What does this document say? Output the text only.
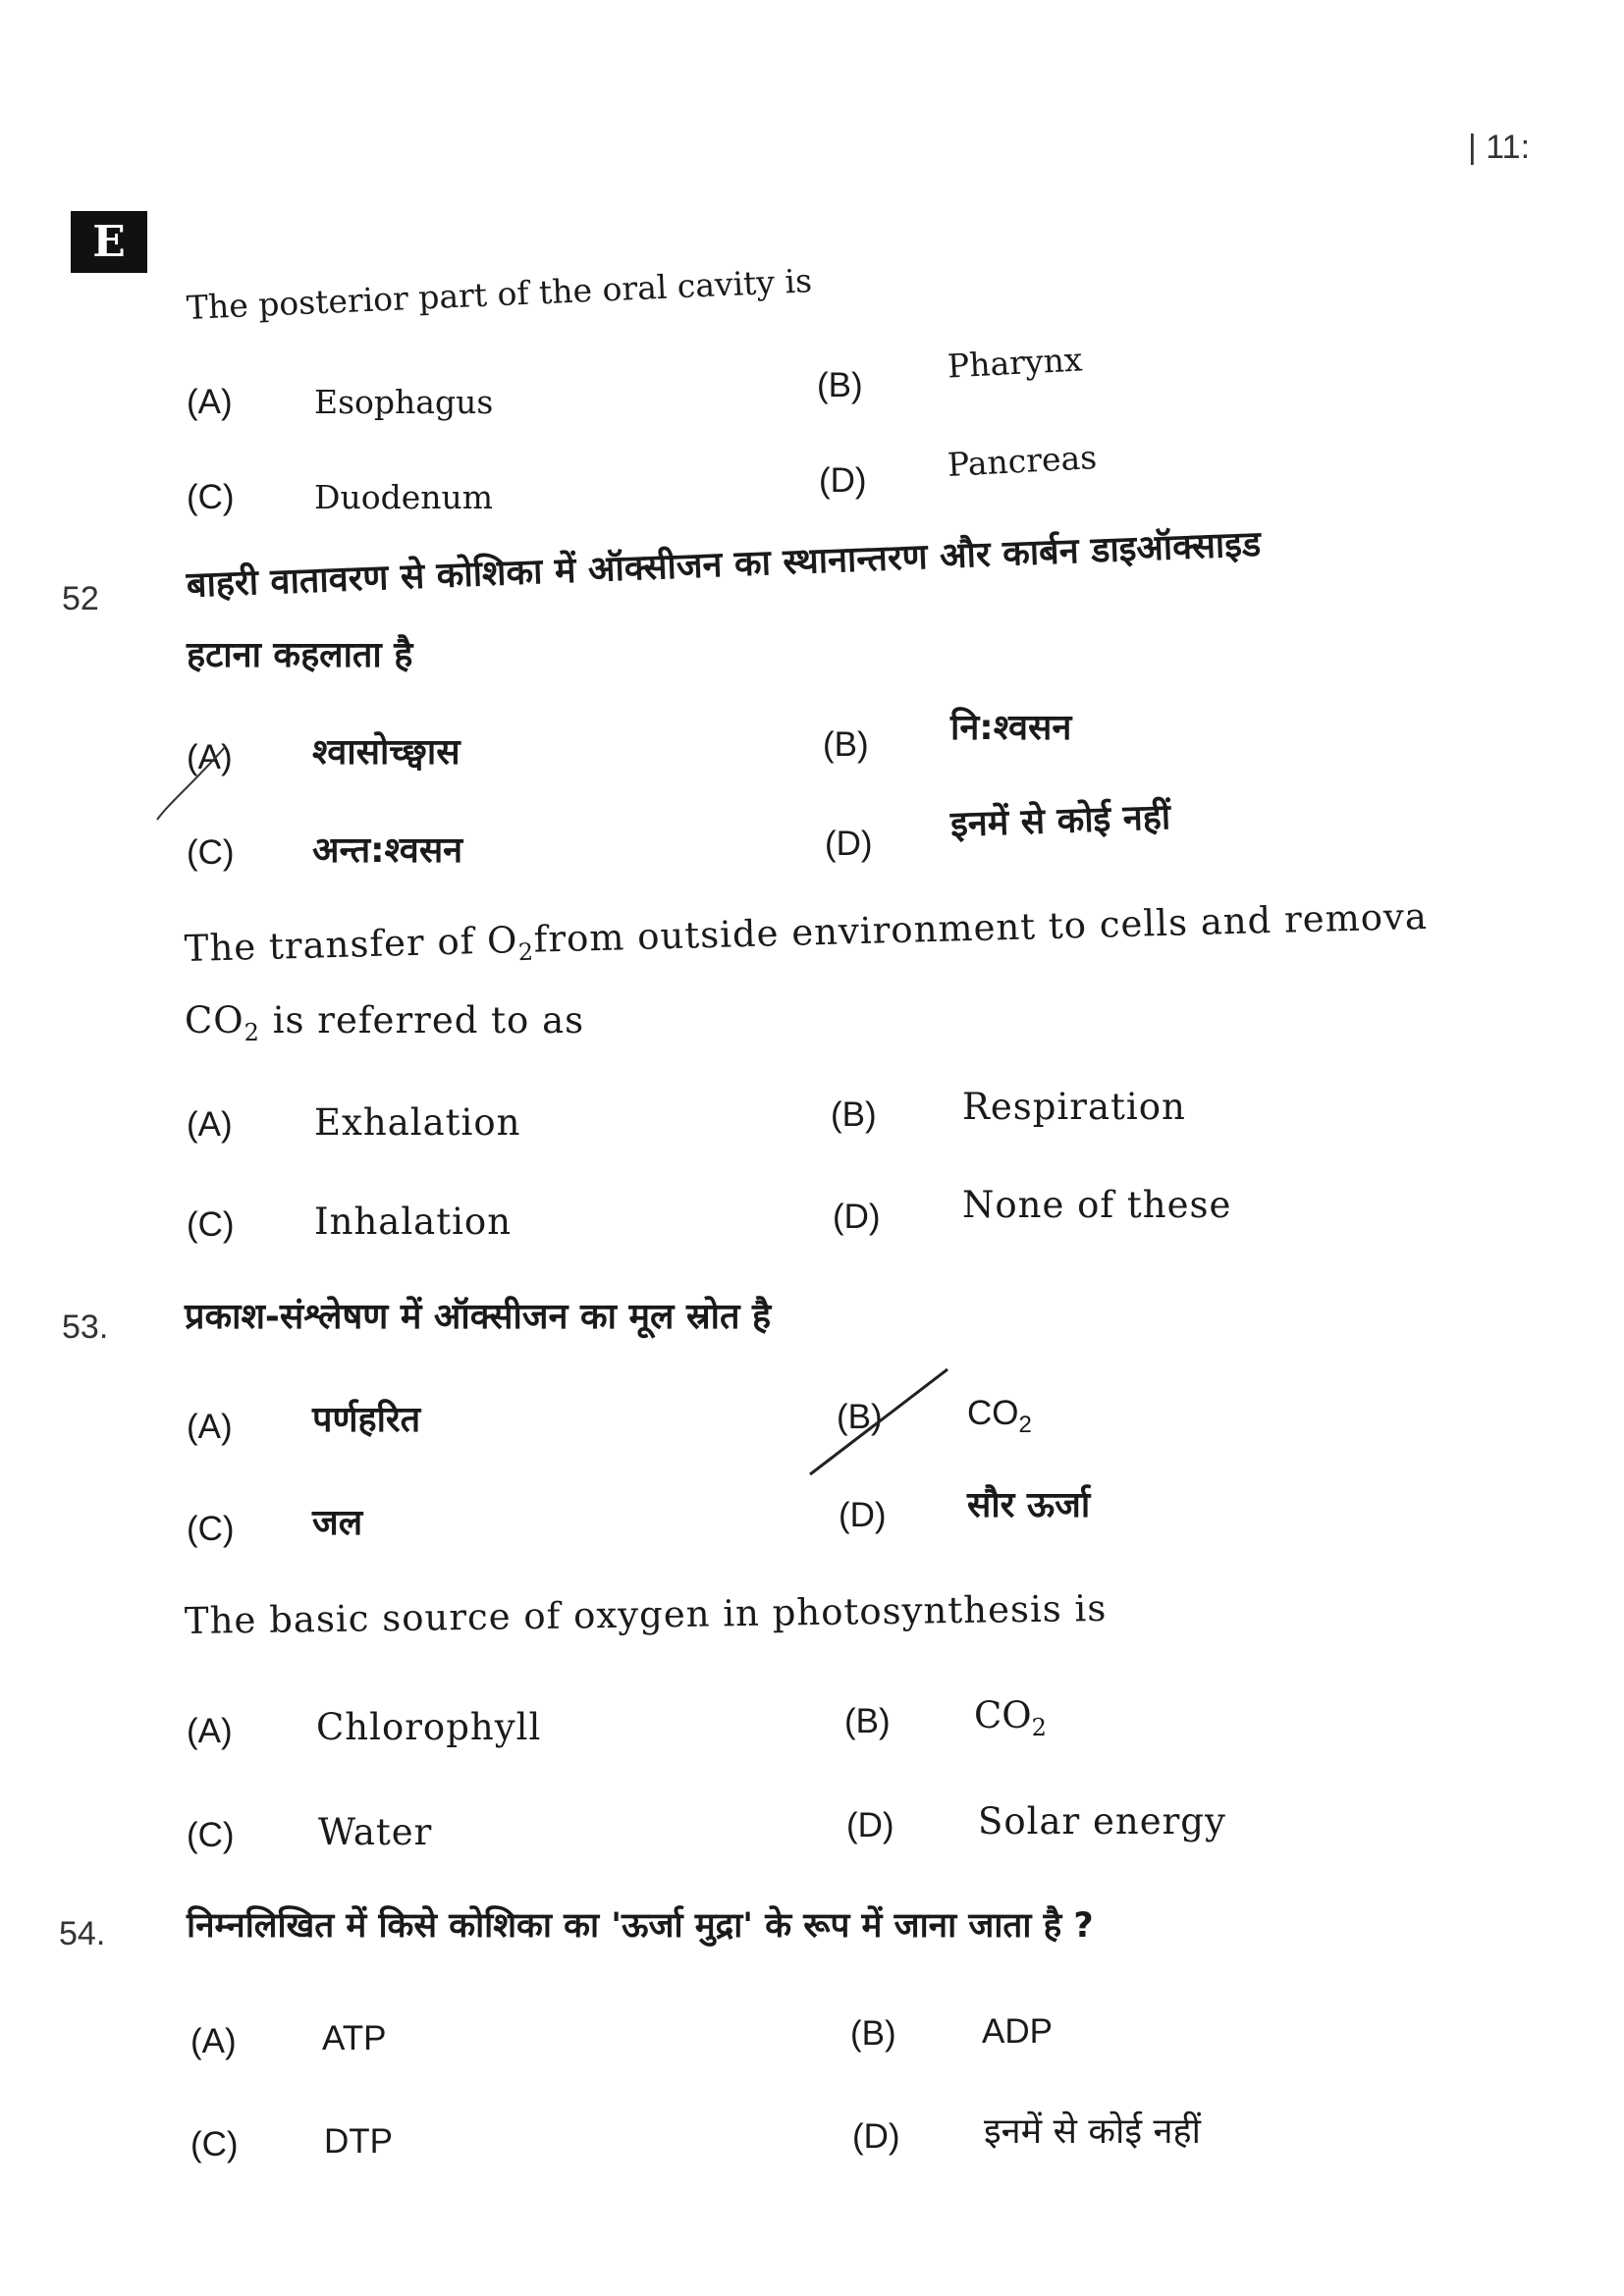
| 11:
E
The posterior part of the oral cavity is
(A)	Esophagus	(B)	Pharynx
(C) Duodenum	(D) Pancreas
52 बाहरी वातावरण से कोशिका में ऑक्सीजन का स्थानान्तरण और कार्बन डाइऑक्साइड
हटाना कहलाता है
(A) श्वासोच्छ्वास	(B) नि:श्वसन
(C) अन्त:श्वसन	(D) इनमें से कोई नहीं
The transfer of $O_2from$ outside environment to cells and remova
$CO_2$ is referred to as
(A) Exhalation	(B) Respiration
(C) Inhalation	(D) None of these
53. प्रकाश-संश्लेषण में ऑक्सीजन का मूल स्रोत है
(A) पर्णहरित	(B) $CO_2$
(C) जल	(D) सौर ऊर्जा
The basic source of oxygen in photosynthesis is
(A) Chlorophyll	(B) $CO_2$
(C) Water	(D) Solar energy
54. निम्नलिखित में किसे कोशिका का 'ऊर्जा मुद्रा' के रूप में जाना जाता है ?
(A) ATP	(B) ADP
(C) DTP	(D) इनमें से कोई नहीं
